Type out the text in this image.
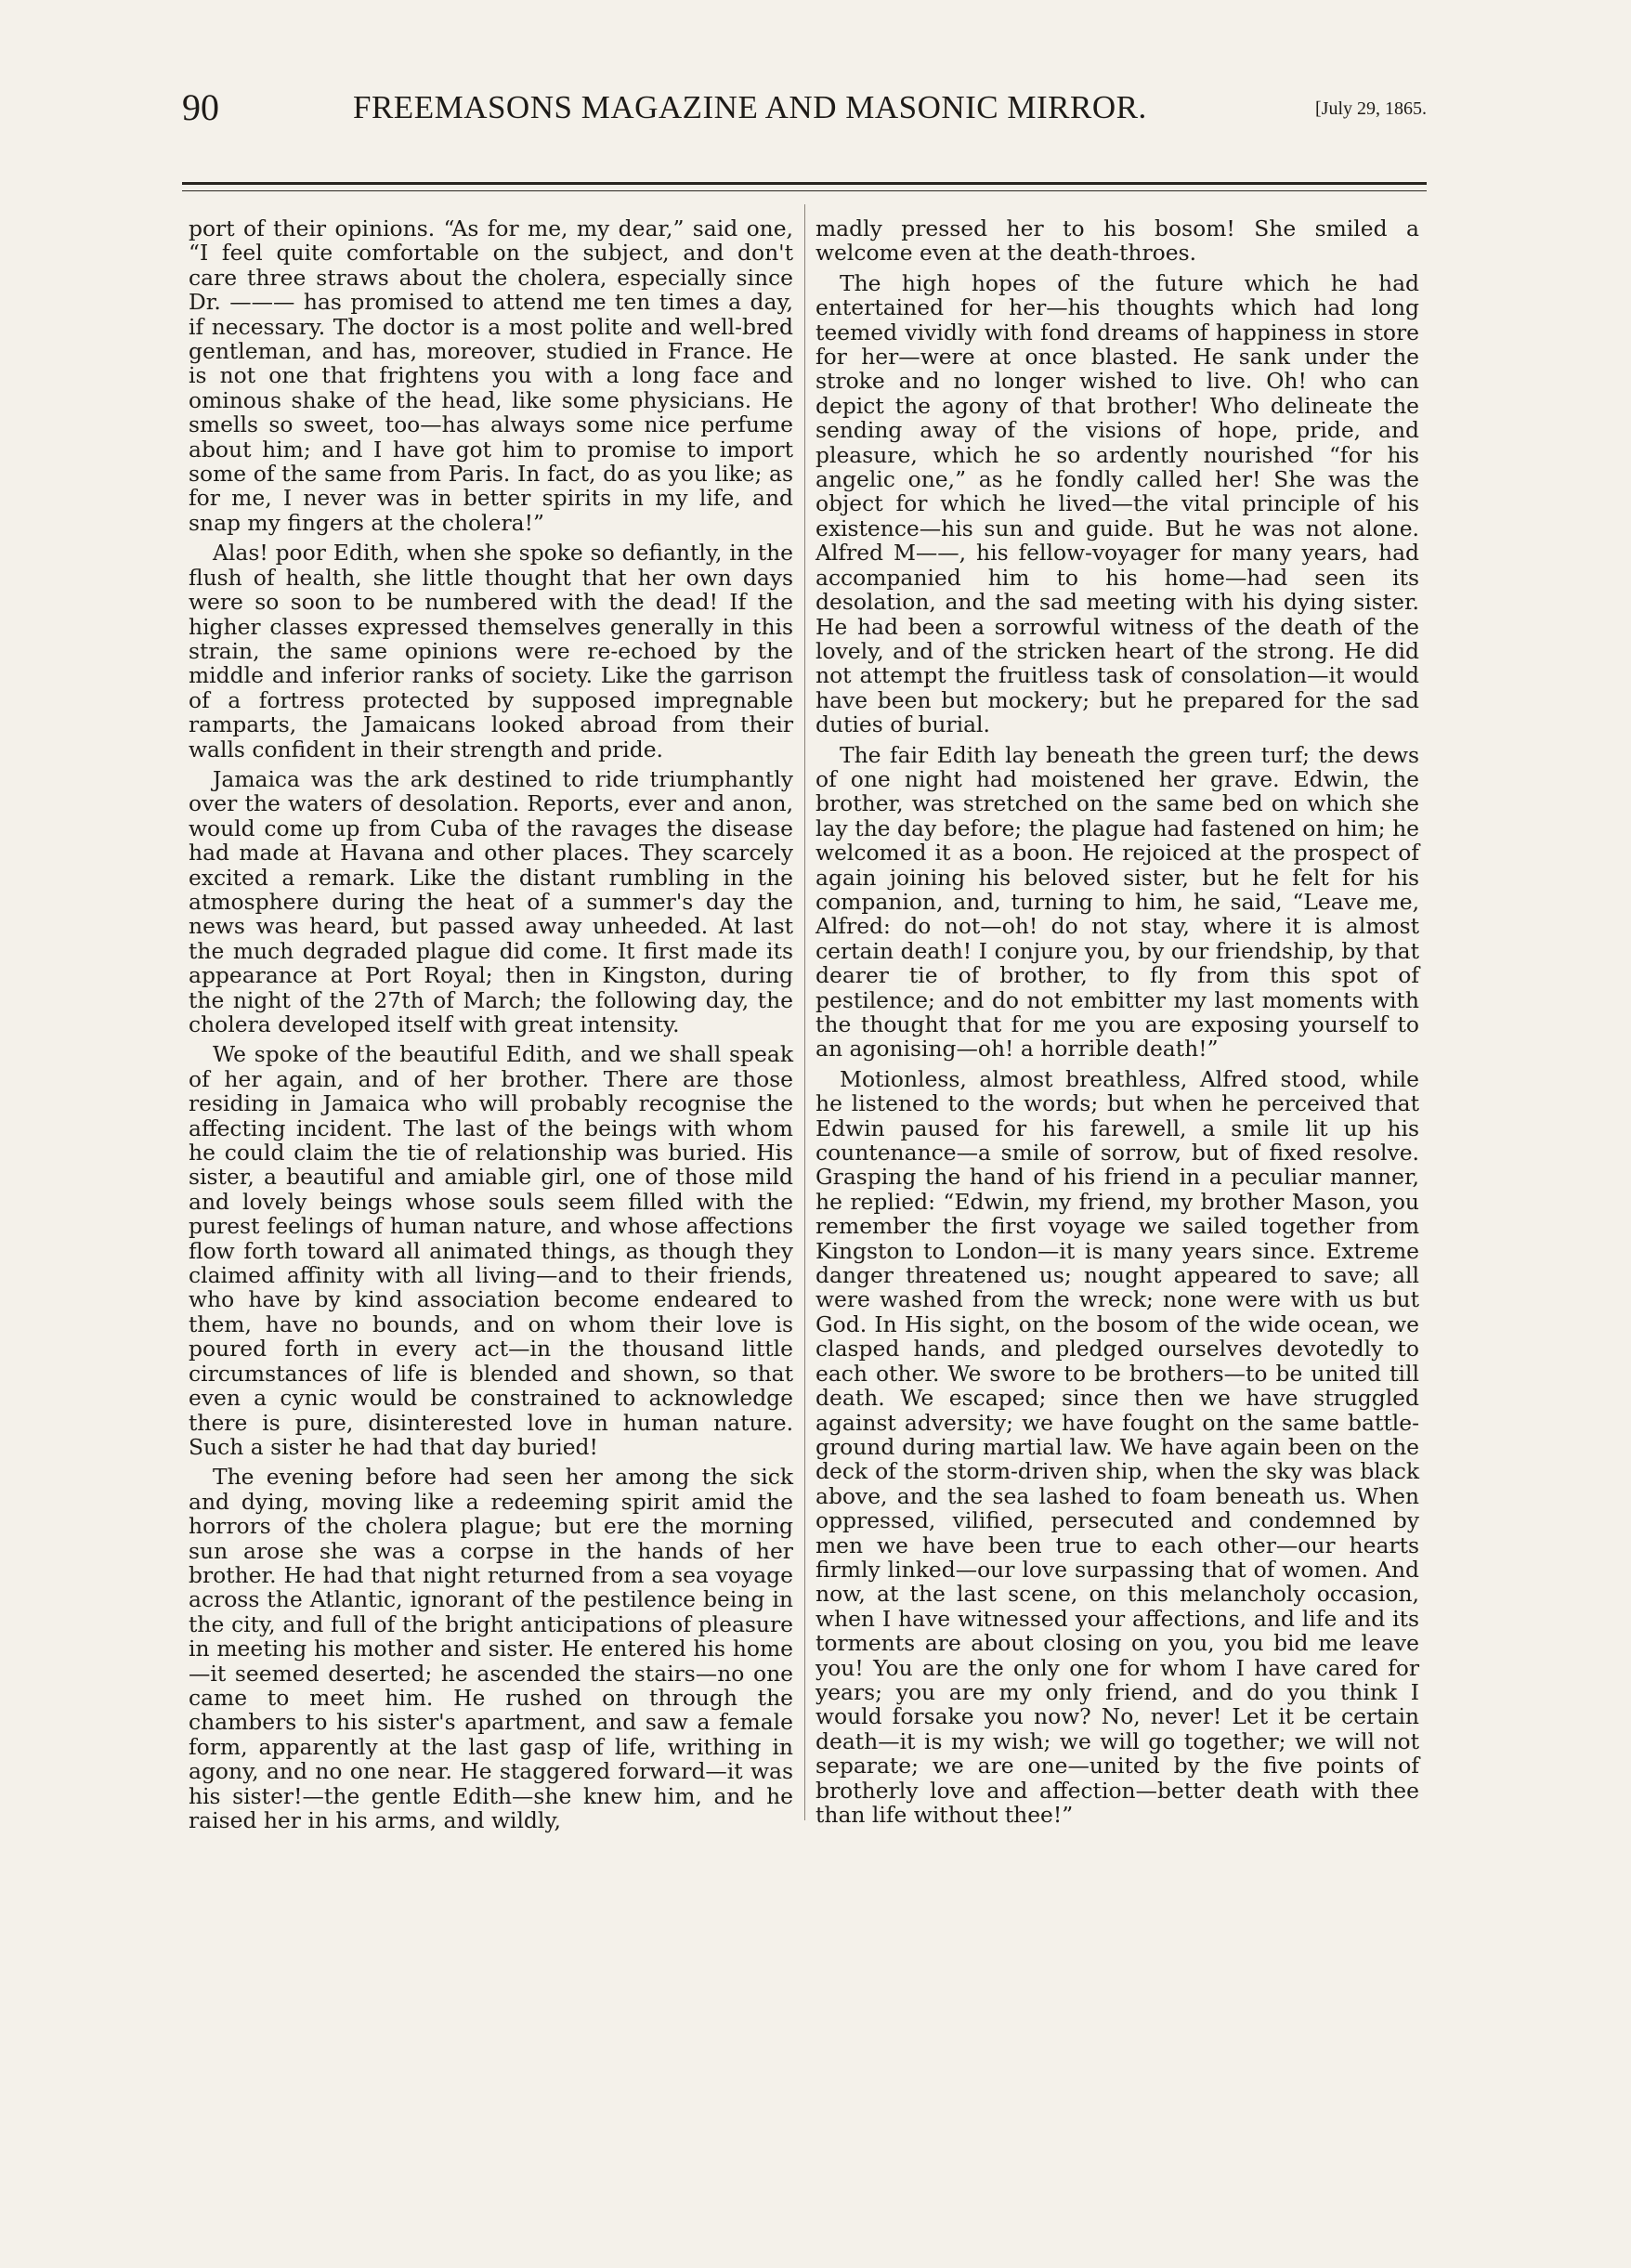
90	FREEMASONS MAGAZINE AND MASONIC MIRROR.	[July 29, 1865.

port of their opinions. “As for me, my dear,” said one, “I feel quite comfortable on the subject, and don't care three straws about the cholera, especially since Dr. ——— has promised to attend me ten times a day, if necessary. The doctor is a most polite and well-bred gentleman, and has, moreover, studied in France. He is not one that frightens you with a long face and ominous shake of the head, like some physicians. He smells so sweet, too—has always some nice perfume about him; and I have got him to promise to import some of the same from Paris. In fact, do as you like; as for me, I never was in better spirits in my life, and snap my fingers at the cholera!”

Alas! poor Edith, when she spoke so defiantly, in the flush of health, she little thought that her own days were so soon to be numbered with the dead! If the higher classes expressed themselves generally in this strain, the same opinions were re-echoed by the middle and inferior ranks of society. Like the garrison of a fortress protected by supposed impregnable ramparts, the Jamaicans looked abroad from their walls confident in their strength and pride.

Jamaica was the ark destined to ride triumphantly over the waters of desolation. Reports, ever and anon, would come up from Cuba of the ravages the disease had made at Havana and other places. They scarcely excited a remark. Like the distant rumbling in the atmosphere during the heat of a summer's day the news was heard, but passed away unheeded. At last the much degraded plague did come. It first made its appearance at Port Royal; then in Kingston, during the night of the 27th of March; the following day, the cholera developed itself with great intensity.

We spoke of the beautiful Edith, and we shall speak of her again, and of her brother. There are those residing in Jamaica who will probably recognise the affecting incident. The last of the beings with whom he could claim the tie of relationship was buried. His sister, a beautiful and amiable girl, one of those mild and lovely beings whose souls seem filled with the purest feelings of human nature, and whose affections flow forth toward all animated things, as though they claimed affinity with all living—and to their friends, who have by kind association become endeared to them, have no bounds, and on whom their love is poured forth in every act—in the thousand little circumstances of life is blended and shown, so that even a cynic would be constrained to acknowledge there is pure, disinterested love in human nature. Such a sister he had that day buried!

The evening before had seen her among the sick and dying, moving like a redeeming spirit amid the horrors of the cholera plague; but ere the morning sun arose she was a corpse in the hands of her brother. He had that night returned from a sea voyage across the Atlantic, ignorant of the pestilence being in the city, and full of the bright anticipations of pleasure in meeting his mother and sister. He entered his home—it seemed deserted; he ascended the stairs—no one came to meet him. He rushed on through the chambers to his sister's apartment, and saw a female form, apparently at the last gasp of life, writhing in agony, and no one near. He staggered forward—it was his sister!—the gentle Edith—she knew him, and he raised her in his arms, and wildly,

madly pressed her to his bosom! She smiled a welcome even at the death-throes.

The high hopes of the future which he had entertained for her—his thoughts which had long teemed vividly with fond dreams of happiness in store for her—were at once blasted. He sank under the stroke and no longer wished to live. Oh! who can depict the agony of that brother! Who delineate the sending away of the visions of hope, pride, and pleasure, which he so ardently nourished “for his angelic one,” as he fondly called her! She was the object for which he lived—the vital principle of his existence—his sun and guide. But he was not alone. Alfred M——, his fellow-voyager for many years, had accompanied him to his home—had seen its desolation, and the sad meeting with his dying sister. He had been a sorrowful witness of the death of the lovely, and of the stricken heart of the strong. He did not attempt the fruitless task of consolation—it would have been but mockery; but he prepared for the sad duties of burial.

The fair Edith lay beneath the green turf; the dews of one night had moistened her grave. Edwin, the brother, was stretched on the same bed on which she lay the day before; the plague had fastened on him; he welcomed it as a boon. He rejoiced at the prospect of again joining his beloved sister, but he felt for his companion, and, turning to him, he said, “Leave me, Alfred: do not—oh! do not stay, where it is almost certain death! I conjure you, by our friendship, by that dearer tie of brother, to fly from this spot of pestilence; and do not embitter my last moments with the thought that for me you are exposing yourself to an agonising—oh! a horrible death!”

Motionless, almost breathless, Alfred stood, while he listened to the words; but when he perceived that Edwin paused for his farewell, a smile lit up his countenance—a smile of sorrow, but of fixed resolve. Grasping the hand of his friend in a peculiar manner, he replied: “Edwin, my friend, my brother Mason, you remember the first voyage we sailed together from Kingston to London—it is many years since. Extreme danger threatened us; nought appeared to save; all were washed from the wreck; none were with us but God. In His sight, on the bosom of the wide ocean, we clasped hands, and pledged ourselves devotedly to each other. We swore to be brothers—to be united till death. We escaped; since then we have struggled against adversity; we have fought on the same battle-ground during martial law. We have again been on the deck of the storm-driven ship, when the sky was black above, and the sea lashed to foam beneath us. When oppressed, vilified, persecuted and condemned by men we have been true to each other—our hearts firmly linked—our love surpassing that of women. And now, at the last scene, on this melancholy occasion, when I have witnessed your affections, and life and its torments are about closing on you, you bid me leave you! You are the only one for whom I have cared for years; you are my only friend, and do you think I would forsake you now? No, never! Let it be certain death—it is my wish; we will go together; we will not separate; we are one—united by the five points of brotherly love and affection—better death with thee than life without thee!”
